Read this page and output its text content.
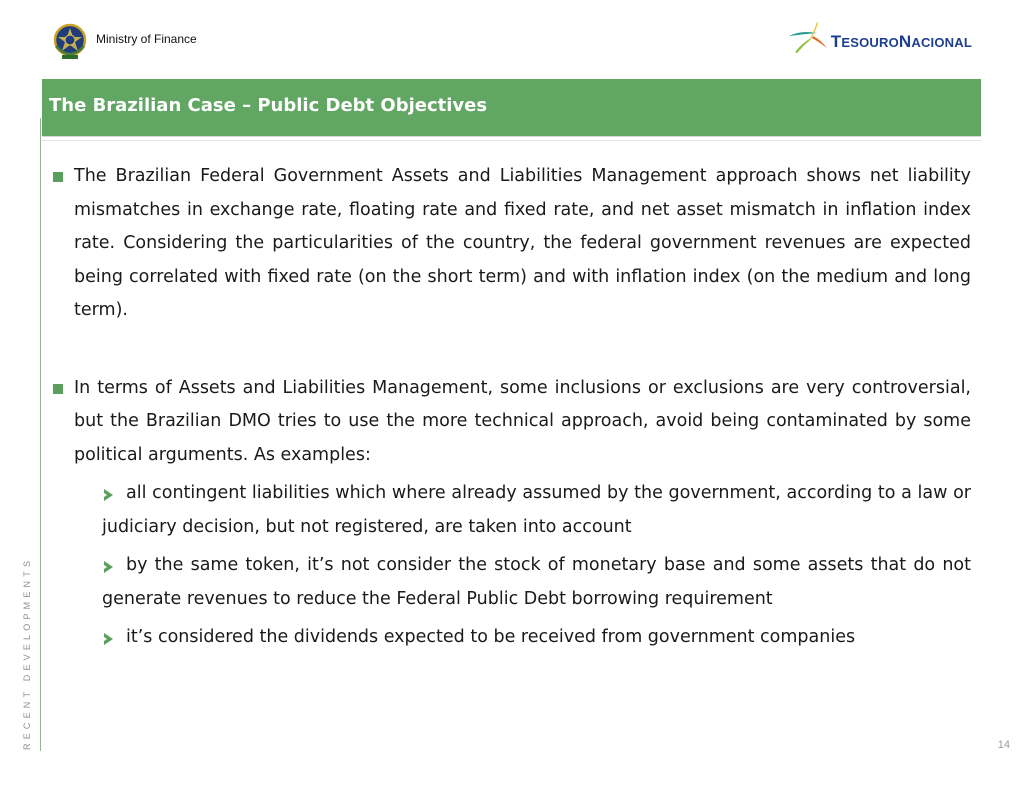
Ministry of Finance	TESOURONACIONAL
The Brazilian Case – Public Debt Objectives
RECENT DEVELOPMENTS
The Brazilian Federal Government Assets and Liabilities Management approach shows net liability mismatches in exchange rate, floating rate and fixed rate, and net asset mismatch in inflation index rate. Considering the particularities of the country, the federal government revenues are expected being correlated with fixed rate (on the short term) and with inflation index (on the medium and long term).
In terms of Assets and Liabilities Management, some inclusions or exclusions are very controversial, but the Brazilian DMO tries to use the more technical approach, avoid being contaminated by some political arguments. As examples:
all contingent liabilities which where already assumed by the government, according to a law or judiciary decision, but not registered, are taken into account
by the same token, it’s not consider the stock of monetary base and some assets that do not generate revenues to reduce the Federal Public Debt borrowing requirement
it’s considered the dividends expected to be received from government companies
14
